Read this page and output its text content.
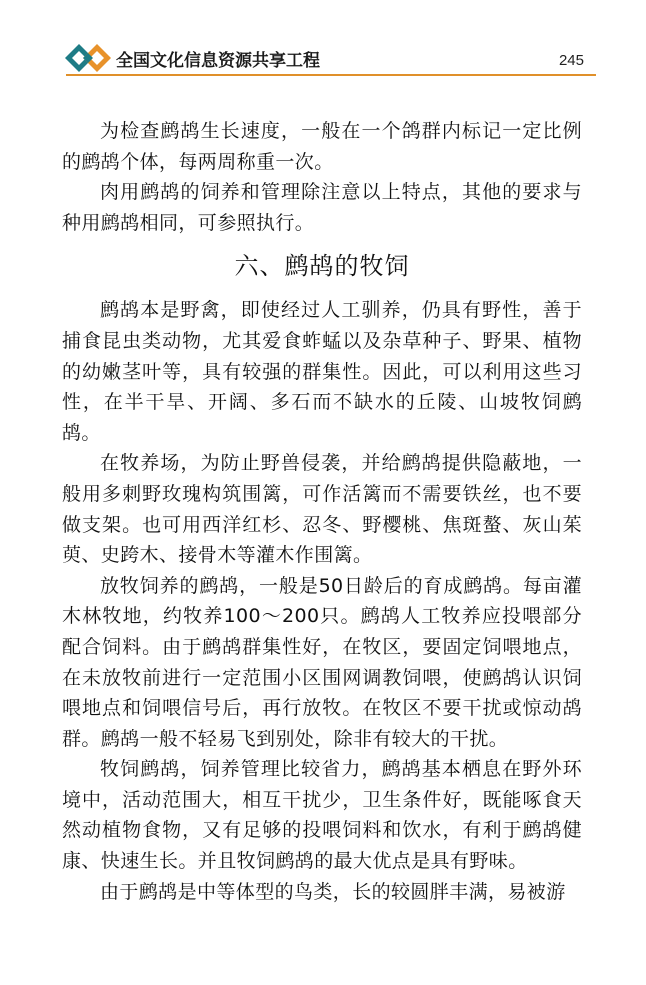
全国文化信息资源共享工程	245

为检查鹧鸪生长速度，一般在一个鸽群内标记一定比例的鹧鸪个体，每两周称重一次。

肉用鹧鸪的饲养和管理除注意以上特点，其他的要求与种用鹧鸪相同，可参照执行。

六、鹧鸪的牧饲

鹧鸪本是野禽，即使经过人工驯养，仍具有野性，善于捕食昆虫类动物，尤其爱食蚱蜢以及杂草种子、野果、植物的幼嫩茎叶等，具有较强的群集性。因此，可以利用这些习性，在半干旱、开阔、多石而不缺水的丘陵、山坡牧饲鹧鸪。

在牧养场，为防止野兽侵袭，并给鹧鸪提供隐蔽地，一般用多刺野玫瑰构筑围篱，可作活篱而不需要铁丝，也不要做支架。也可用西洋红杉、忍冬、野樱桃、焦斑螯、灰山茱萸、史跨木、接骨木等灌木作围篱。

放牧饲养的鹧鸪，一般是50日龄后的育成鹧鸪。每亩灌木林牧地，约牧养100～200只。鹧鸪人工牧养应投喂部分配合饲料。由于鹧鸪群集性好，在牧区，要固定饲喂地点，在未放牧前进行一定范围小区围网调教饲喂，使鹧鸪认识饲喂地点和饲喂信号后，再行放牧。在牧区不要干扰或惊动鸪群。鹧鸪一般不轻易飞到别处，除非有较大的干扰。

牧饲鹧鸪，饲养管理比较省力，鹧鸪基本栖息在野外环境中，活动范围大，相互干扰少，卫生条件好，既能啄食天然动植物食物，又有足够的投喂饲料和饮水，有利于鹧鸪健康、快速生长。并且牧饲鹧鸪的最大优点是具有野味。

由于鹧鸪是中等体型的鸟类，长的较圆胖丰满，易被游
